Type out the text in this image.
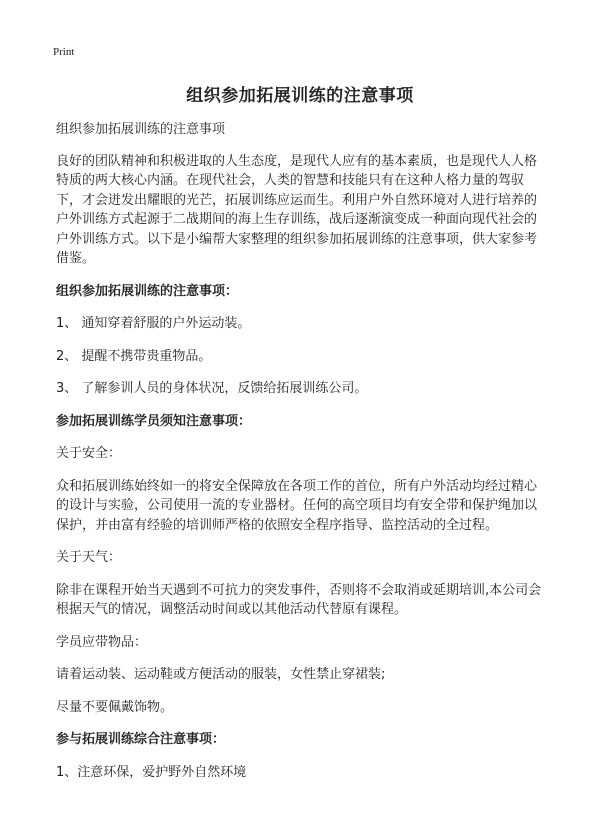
Print
组织参加拓展训练的注意事项

组织参加拓展训练的注意事项

良好的团队精神和积极进取的人生态度，是现代人应有的基本素质，也是现代人人格特质的两大核心内涵。在现代社会，人类的智慧和技能只有在这种人格力量的驾驭下，才会迸发出耀眼的光芒，拓展训练应运而生。利用户外自然环境对人进行培养的户外训练方式起源于二战期间的海上生存训练，战后逐渐演变成一种面向现代社会的户外训练方式。以下是小编帮大家整理的组织参加拓展训练的注意事项，供大家参考借鉴。

组织参加拓展训练的注意事项：

1、 通知穿着舒服的户外运动装。

2、 提醒不携带贵重物品。

3、 了解参训人员的身体状况，反馈给拓展训练公司。

参加拓展训练学员须知注意事项：

关于安全：

众和拓展训练始终如一的将安全保障放在各项工作的首位，所有户外活动均经过精心的设计与实验，公司使用一流的专业器材。任何的高空项目均有安全带和保护绳加以保护，并由富有经验的培训师严格的依照安全程序指导、监控活动的全过程。

关于天气：

除非在课程开始当天遇到不可抗力的突发事件，否则将不会取消或延期培训,本公司会根据天气的情况，调整活动时间或以其他活动代替原有课程。

学员应带物品：

请着运动装、运动鞋或方便活动的服装，女性禁止穿裙装;

尽量不要佩戴饰物。

参与拓展训练综合注意事项：

1、注意环保，爱护野外自然环境
